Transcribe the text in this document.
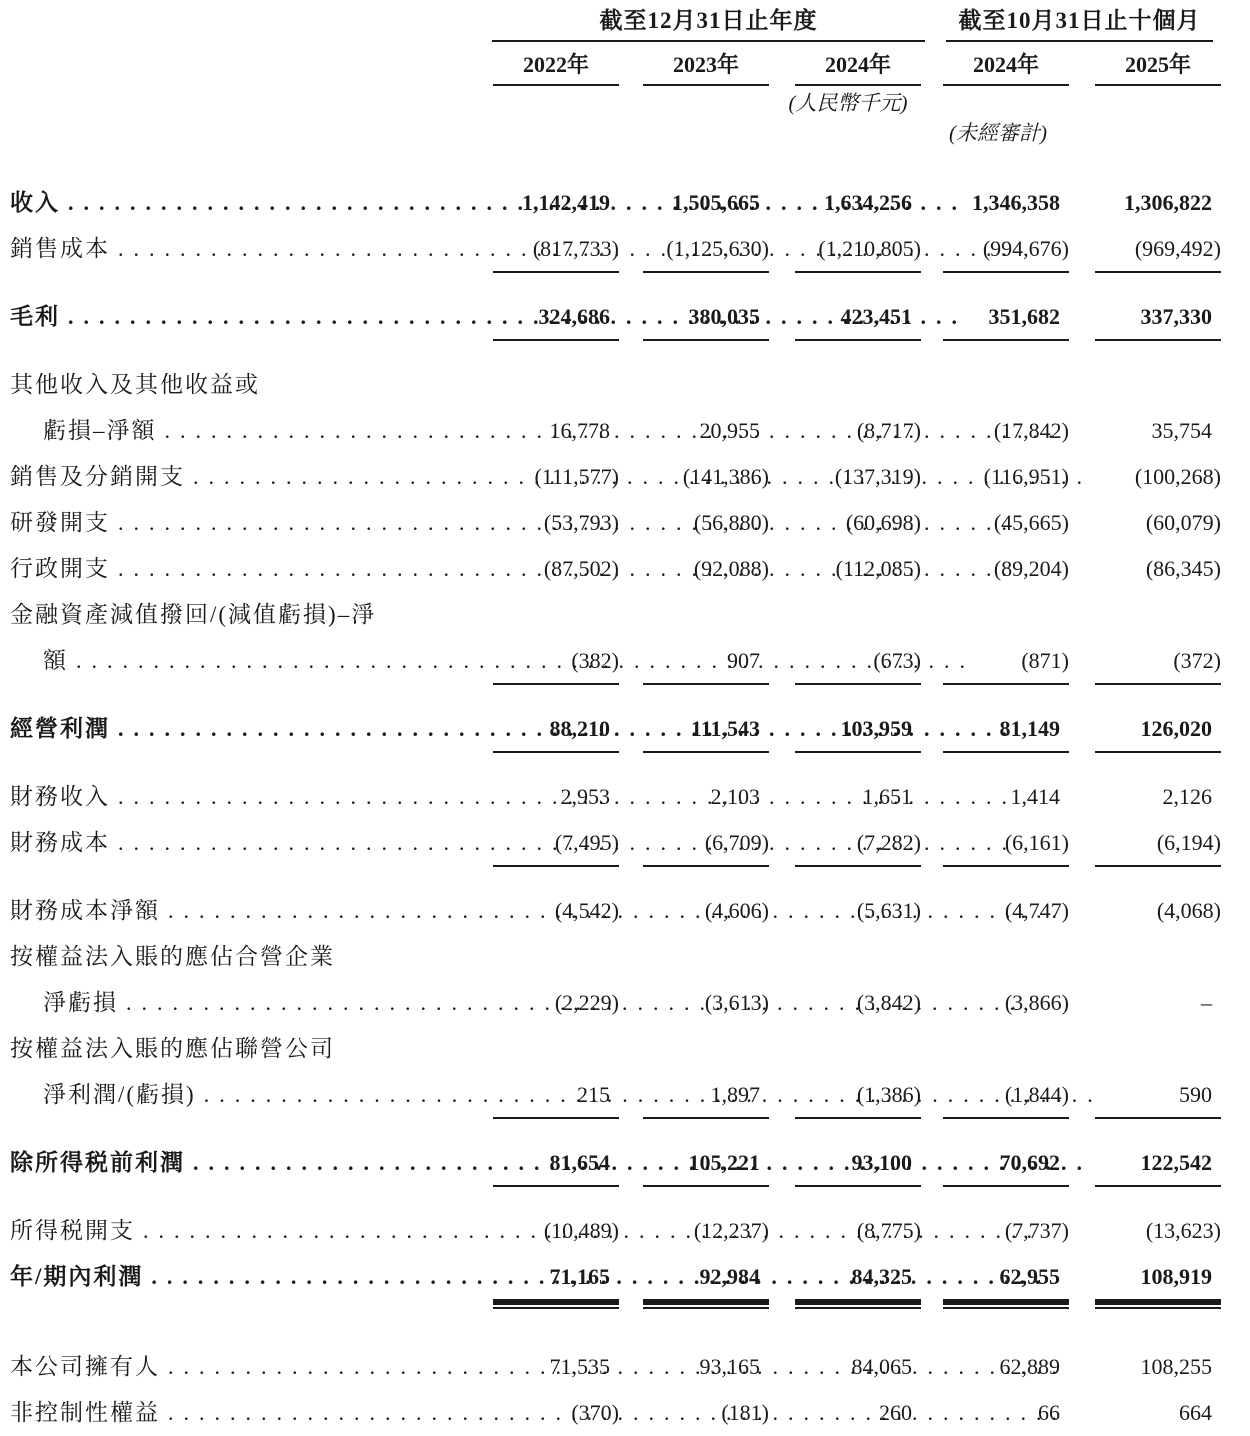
截至12月31日止年度	截至10月31日止十個月
2022年	2023年	2024年	2024年	2025年
(人民幣千元)
(未經審計)
收入 .....	1,142,419	1,505,665	1,634,256	1,346,358	1,306,822
銷售成本 .....	(817,733)	(1,125,630)	(1,210,805)	(994,676)	(969,492)
毛利 .....	324,686	380,035	423,451	351,682	337,330
其他收入及其他收益或
虧損–淨額 .....	16,778	20,955	(8,717)	(17,842)	35,754
銷售及分銷開支 .....	(111,577)	(141,386)	(137,319)	(116,951)	(100,268)
研發開支 .....	(53,793)	(56,880)	(60,698)	(45,665)	(60,079)
行政開支 .....	(87,502)	(92,088)	(112,085)	(89,204)	(86,345)
金融資產減值撥回/(減值虧損)–淨
額 .....	(382)	907	(673)	(871)	(372)
經營利潤 .....	88,210	111,543	103,959	81,149	126,020
財務收入 .....	2,953	2,103	1,651	1,414	2,126
財務成本 .....	(7,495)	(6,709)	(7,282)	(6,161)	(6,194)
財務成本淨額 .....	(4,542)	(4,606)	(5,631)	(4,747)	(4,068)
按權益法入賬的應佔合營企業
淨虧損 .....	(2,229)	(3,613)	(3,842)	(3,866)	–
按權益法入賬的應佔聯營公司
淨利潤/(虧損) .....	215	1,897	(1,386)	(1,844)	590
除所得税前利潤 .....	81,654	105,221	93,100	70,692	122,542
所得税開支 .....	(10,489)	(12,237)	(8,775)	(7,737)	(13,623)
年/期內利潤 .....	71,165	92,984	84,325	62,955	108,919
本公司擁有人 .....	71,535	93,165	84,065	62,889	108,255
非控制性權益 .....	(370)	(181)	260	66	664
